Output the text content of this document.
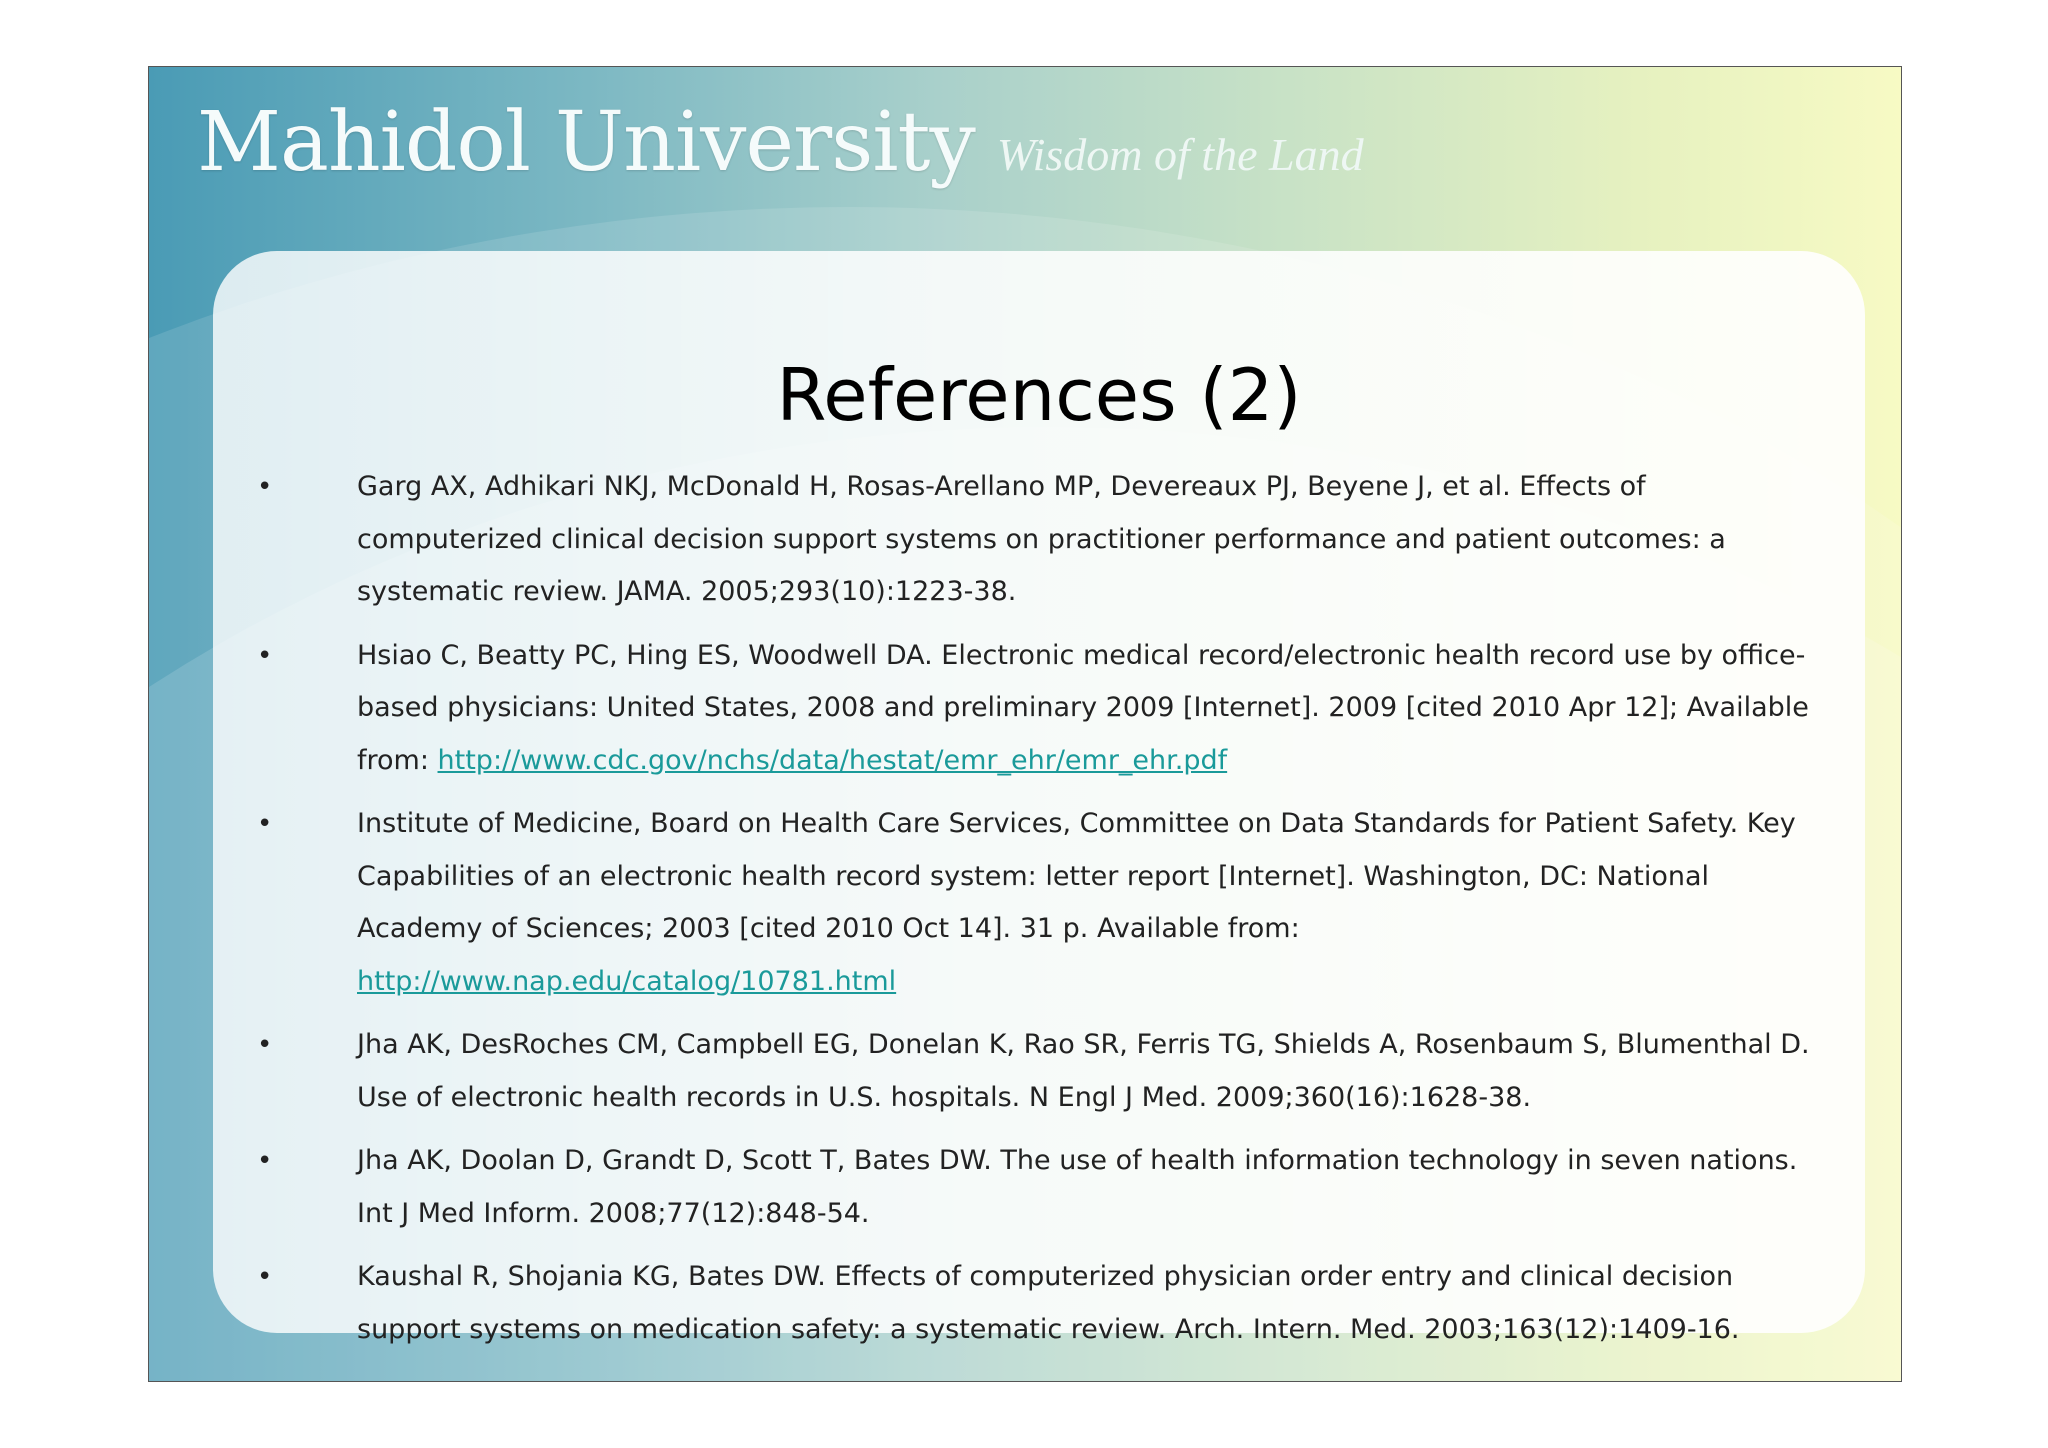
Mahidol University Wisdom of the Land
References (2)
•	Garg AX, Adhikari NKJ, McDonald H, Rosas-Arellano MP, Devereaux PJ, Beyene J, et al. Effects of computerized clinical decision support systems on practitioner performance and patient outcomes: a systematic review. JAMA. 2005;293(10):1223-38.
•	Hsiao C, Beatty PC, Hing ES, Woodwell DA. Electronic medical record/electronic health record use by office-based physicians: United States, 2008 and preliminary 2009 [Internet]. 2009 [cited 2010 Apr 12]; Available from: http://www.cdc.gov/nchs/data/hestat/emr_ehr/emr_ehr.pdf
•	Institute of Medicine, Board on Health Care Services, Committee on Data Standards for Patient Safety. Key Capabilities of an electronic health record system: letter report [Internet]. Washington, DC: National Academy of Sciences; 2003 [cited 2010 Oct 14]. 31 p. Available from: http://www.nap.edu/catalog/10781.html
•	Jha AK, DesRoches CM, Campbell EG, Donelan K, Rao SR, Ferris TG, Shields A, Rosenbaum S, Blumenthal D. Use of electronic health records in U.S. hospitals. N Engl J Med. 2009;360(16):1628-38.
•	Jha AK, Doolan D, Grandt D, Scott T, Bates DW. The use of health information technology in seven nations. Int J Med Inform. 2008;77(12):848-54.
•	Kaushal R, Shojania KG, Bates DW. Effects of computerized physician order entry and clinical decision support systems on medication safety: a systematic review. Arch. Intern. Med. 2003;163(12):1409-16.
